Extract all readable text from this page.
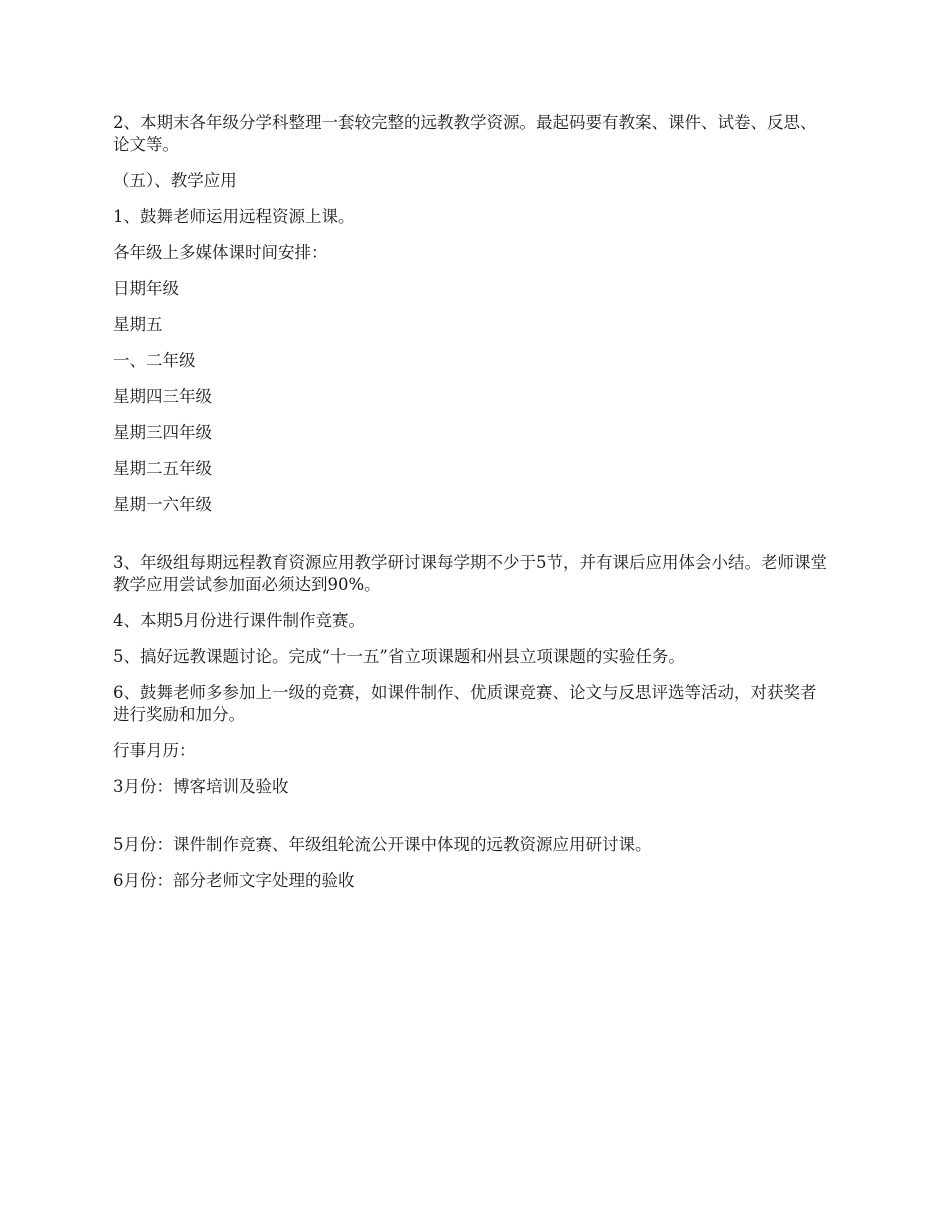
2、本期末各年级分学科整理一套较完整的远教教学资源。最起码要有教案、课件、试卷、反思、论文等。

（五）、教学应用

1、鼓舞老师运用远程资源上课。

各年级上多媒体课时间安排：

日期年级

星期五

一、二年级

星期四三年级

星期三四年级

星期二五年级

星期一六年级

3、年级组每期远程教育资源应用教学研讨课每学期不少于5节，并有课后应用体会小结。老师课堂教学应用尝试参加面必须达到90%。

4、本期5月份进行课件制作竞赛。

5、搞好远教课题讨论。完成“十一五”省立项课题和州县立项课题的实验任务。

6、鼓舞老师多参加上一级的竞赛，如课件制作、优质课竞赛、论文与反思评选等活动，对获奖者进行奖励和加分。

行事月历：

3月份：博客培训及验收

5月份：课件制作竞赛、年级组轮流公开课中体现的远教资源应用研讨课。

6月份：部分老师文字处理的验收
